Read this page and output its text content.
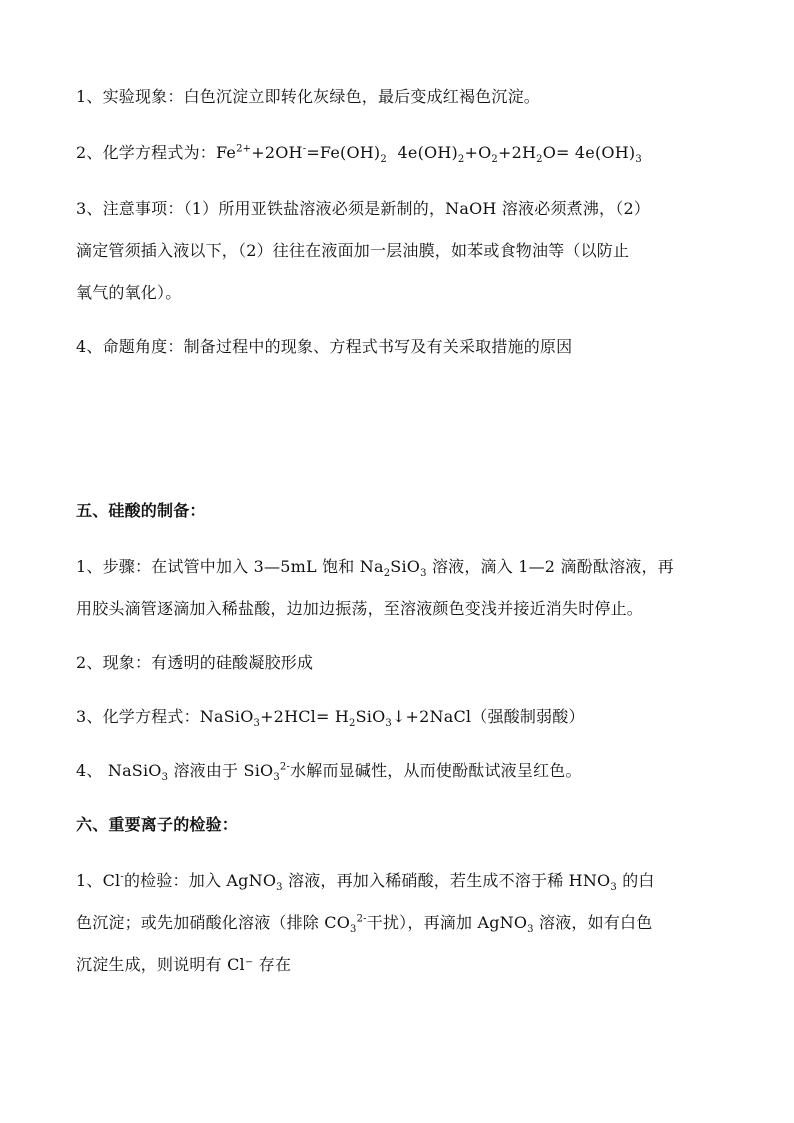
1、实验现象：白色沉淀立即转化灰绿色，最后变成红褐色沉淀。
2、化学方程式为：$Fe^{2+}+2OH^-=Fe(OH)_2$ $4e(OH)_2+O_2+2H_2O= 4e(OH)_3$
3、注意事项：（1）所用亚铁盐溶液必须是新制的，NaOH 溶液必须煮沸，（2）
滴定管须插入液以下，（2）往往在液面加一层油膜，如苯或食物油等（以防止
氧气的氧化）。
4、命题角度：制备过程中的现象、方程式书写及有关采取措施的原因
五、硅酸的制备：
1、步骤：在试管中加入 3—5mL 饱和 $Na_2SiO_3$ 溶液，滴入 1—2 滴酚酞溶液，再
用胶头滴管逐滴加入稀盐酸，边加边振荡，至溶液颜色变浅并接近消失时停止。
2、现象：有透明的硅酸凝胶形成
3、化学方程式：NaSiO$_3$+2HCl= $H_2SiO_3↓+2NaCl$（强酸制弱酸）
4、 NaSiO$_3$ 溶液由于 SiO$_3^{2-}$水解而显碱性，从而使酚酞试液呈红色。
六、重要离子的检验：
1、Cl-的检验：加入 AgNO$_3$ 溶液，再加入稀硝酸，若生成不溶于稀 $HNO_3$ 的白
色沉淀；或先加硝酸化溶液（排除 $CO_3^{2-}$干扰），再滴加 AgNO$_3$ 溶液，如有白色
沉淀生成，则说明有 Cl⁻ 存在
